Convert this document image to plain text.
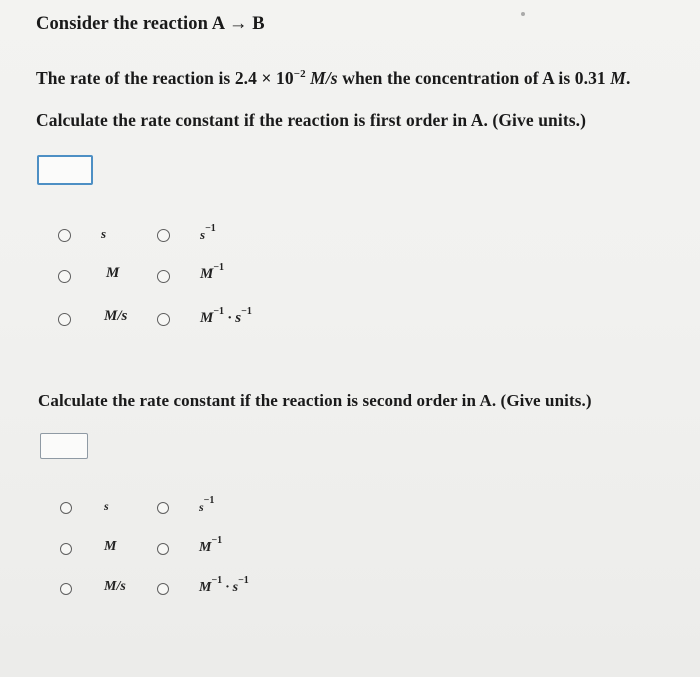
Consider the reaction A → B
The rate of the reaction is $2.4 \times 10^{-2}$ M/s when the concentration of A is 0.31 M.
Calculate the rate constant if the reaction is first order in A. (Give units.)
s	$s^{-1}$
M	$M^{-1}$
M/s	$M^{-1} \cdot s^{-1}$
Calculate the rate constant if the reaction is second order in A. (Give units.)
s	$s^{-1}$
M	$M^{-1}$
M/s	$M^{-1} \cdot s^{-1}$
